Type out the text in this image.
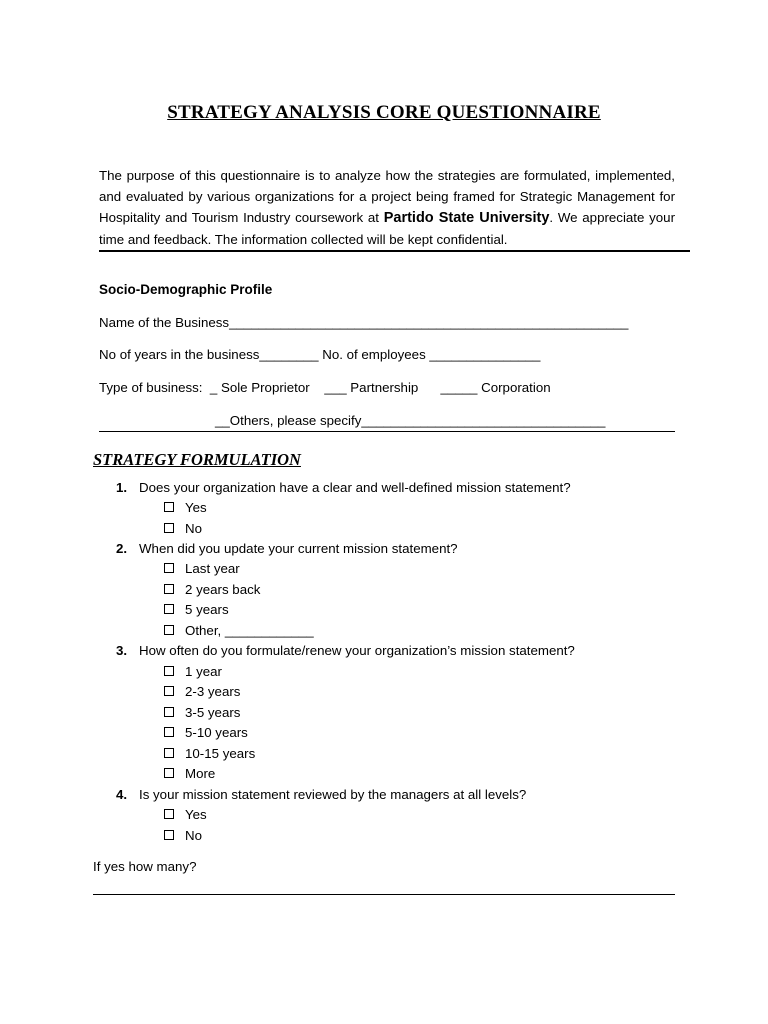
STRATEGY ANALYSIS CORE QUESTIONNAIRE
The purpose of this questionnaire is to analyze how the strategies are formulated, implemented, and evaluated by various organizations for a project being framed for Strategic Management for Hospitality and Tourism Industry coursework at Partido State University. We appreciate your time and feedback. The information collected will be kept confidential.
Socio-Demographic Profile
Name of the Business______________________________________________________
No of years in the business________ No. of employees _______________
Type of business:  _ Sole Proprietor    ___ Partnership      _____ Corporation
__Others, please specify_________________________________
STRATEGY FORMULATION
1. Does your organization have a clear and well-defined mission statement?
Yes
No
2. When did you update your current mission statement?
Last year
2 years back
5 years
Other, ____________
3. How often do you formulate/renew your organization’s mission statement?
1 year
2-3 years
3-5 years
5-10 years
10-15 years
More
4. Is your mission statement reviewed by the managers at all levels?
Yes
No
If yes how many?
